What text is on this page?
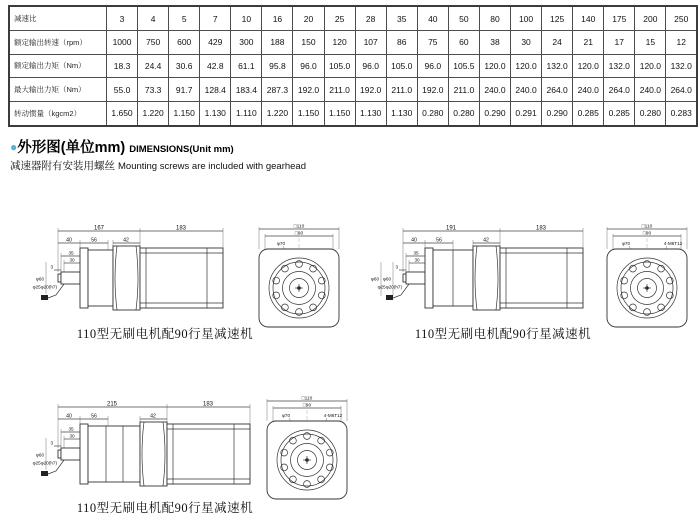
减速比	3	4	5	7	10	16	20	25	28	35	40	50	80	100	125	140	175	200	250
额定输出转速（rpm）	1000	750	600	429	300	188	150	120	107	86	75	60	38	30	24	21	17	15	12
额定输出力矩（Nm）	18.3	24.4	30.6	42.8	61.1	95.8	96.0	105.0	96.0	105.0	96.0	105.5	120.0	120.0	132.0	120.0	132.0	120.0	132.0
最大输出力矩（Nm）	55.0	73.3	91.7	128.4	183.4	287.3	192.0	211.0	192.0	211.0	192.0	211.0	240.0	240.0	264.0	240.0	264.0	240.0	264.0
转动惯量（kgcm2）	1.650	1.220	1.150	1.130	1.110	1.220	1.150	1.150	1.130	1.130	0.280	0.280	0.290	0.291	0.290	0.285	0.285	0.280	0.283
●外形图(单位mm) DIMENSIONS(Unit mm)
减速器附有安装用螺丝 Mounting screws are included with gearhead
167	183
40	56	42
35
30
3
φ60
φ25φ20(h7)
□110
□90
φ70
110型无刷电机配90行星减速机
191	183
40	56	42
35
30
3
φ60 φ60
φ25φ20(h7)
□110
□90
φ70	4-M6T12
110型无刷电机配90行星减速机
215	183
40	56	42
35
30
3
φ60
φ25φ20(h7)
□110
□90
φ70	4-M6T12
110型无刷电机配90行星减速机
